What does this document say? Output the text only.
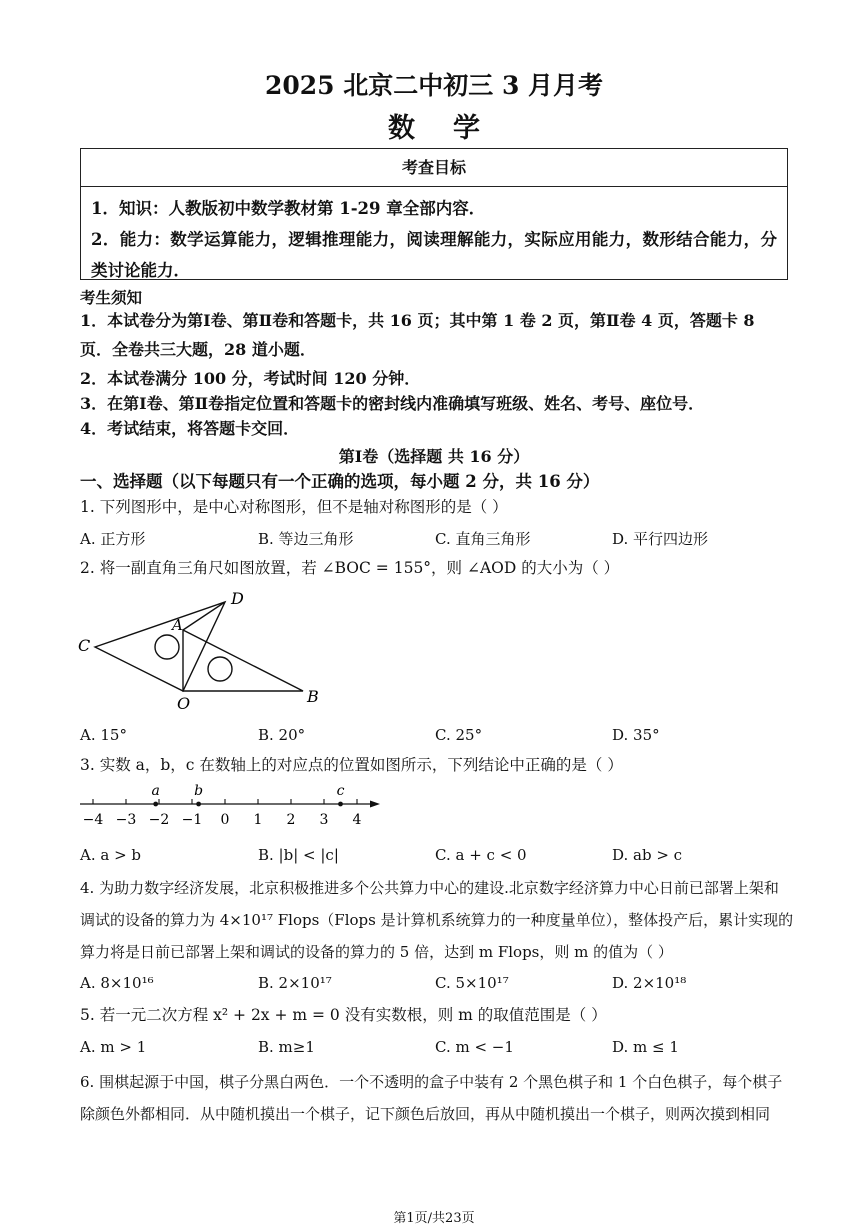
2025 北京二中初三 3 月月考
数学
考查目标
1．知识：人教版初中数学教材第 1-29 章全部内容．
2．能力：数学运算能力，逻辑推理能力，阅读理解能力，实际应用能力，数形结合能力，分类讨论能力．
考生须知
1．本试卷分为第Ⅰ卷、第Ⅱ卷和答题卡，共 16 页；其中第 1 卷 2 页，第Ⅱ卷 4 页，答题卡 8 页．全卷共三大题，28 道小题．
2．本试卷满分 100 分，考试时间 120 分钟．
3．在第Ⅰ卷、第Ⅱ卷指定位置和答题卡的密封线内准确填写班级、姓名、考号、座位号．
4．考试结束，将答题卡交回．
第Ⅰ卷（选择题 共 16 分）
一、选择题（以下每题只有一个正确的选项，每小题 2 分，共 16 分）
1. 下列图形中，是中心对称图形，但不是轴对称图形的是（ ）
A. 正方形	B. 等边三角形	C. 直角三角形	D. 平行四边形
2. 将一副直角三角尺如图放置，若 ∠BOC = 155°，则 ∠AOD 的大小为（ ）
D
A
C
O	B
A. 15°	B. 20°	C. 25°	D. 35°
3. 实数 a，b，c 在数轴上的对应点的位置如图所示，下列结论中正确的是（ ）
−4 −3 −2 −1 0 1 2 3 4
a b	c
A. a > b	B. |b| < |c|	C. a + c < 0	D. ab > c
4. 为助力数字经济发展，北京积极推进多个公共算力中心的建设.北京数字经济算力中心日前已部署上架和
调试的设备的算力为 4×10¹⁷ Flops（Flops 是计算机系统算力的一种度量单位），整体投产后，累计实现的
算力将是日前已部署上架和调试的设备的算力的 5 倍，达到 m Flops，则 m 的值为（ ）
A. 8×10¹⁶	B. 2×10¹⁷	C. 5×10¹⁷	D. 2×10¹⁸
5. 若一元二次方程 x² + 2x + m = 0 没有实数根，则 m 的取值范围是（ ）
A. m > 1	B. m≥1	C. m < −1	D. m ≤ 1
6. 围棋起源于中国，棋子分黑白两色．一个不透明的盒子中装有 2 个黑色棋子和 1 个白色棋子，每个棋子
除颜色外都相同．从中随机摸出一个棋子，记下颜色后放回，再从中随机摸出一个棋子，则两次摸到相同
第1页/共23页
